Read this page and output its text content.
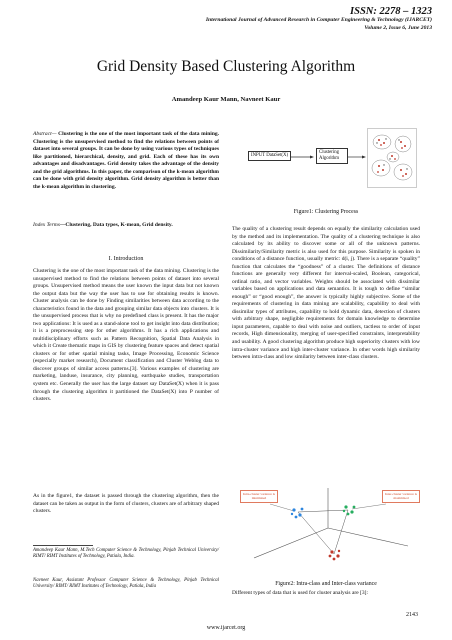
ISSN: 2278 – 1323
International Journal of Advanced Research in Computer Engineering & Technology (IJARCET)
Volume 2, Issue 6, June 2013
Grid Density Based Clustering Algorithm
Amandeep Kaur Mann, Navneet Kaur
Abstract— Clustering is the one of the most important task of the data mining. Clustering is the unsupervised method to find the relations between points of dataset into several groups. It can be done by using various types of techniques like partitioned, hierarchical, density, and grid. Each of these has its own advantages and disadvantages. Grid density takes the advantage of the density and the grid algorithms. In this paper, the comparison of the k-mean algorithm can be done with grid density algorithm. Grid density algorithm is better than the k-mean algorithm in clustering.
Index Terms—Clustering, Data types, K-mean, Grid density.
I. Introduction
Clustering is the one of the most important task of the data mining. Clustering is the unsupervised method to find the relations between points of dataset into several groups. Unsupervised method means the user known the input data but not known the output data but the way the user has to use for obtaining results is known. Cluster analysis can be done by Finding similarities between data according to the characteristics found in the data and grouping similar data objects into clusters. It is the unsupervised process that is why no predefined class is present. It has the major two applications: It is used as a stand-alone tool to get insight into data distribution; it is a preprocessing step for other algorithms. It has a rich applications and multidisciplinary efforts such as Pattern Recognition, Spatial Data Analysis in which it Create thematic maps in GIS by clustering feature spaces and detect spatial clusters or for other spatial mining tasks, Image Processing, Economic Science (especially market research), Document classification and Cluster Weblog data to discover groups of similar access patterns.[3]. Various examples of clustering are marketing, landuse, insurance, city planning, earthquake studies, transportation system etc. Generally the user has the large dataset say DataSet(X) when it is pass through the clustering algorithm it partitioned the DataSet(X) into P number of clusters.
As in the figure1, the dataset is passed through the clustering algorithm, then the dataset can be taken as output in the form of clusters, clusters are of arbitrary shaped clusters.
Amandeep Kaur Mann, M.Tech Computer Science & Technology, Pinjab Technical University/ RIMT/ RIMT Institutes of Technology, Patiala, India.
Navneet Kaur, Assistant Professor Computer Science & Technology, Pinjab Technical University/ RIMT/ RIMT Institutes of Technology, Patiala, India
INPUT DataSet(X)
Clustering Algorithm
Figure1: Clustering Process
The quality of a clustering result depends on equally the similarity calculation used by the method and its implementation. The quality of a clustering technique is also calculated by its ability to discover some or all of the unknown patterns. Dissimilarity/Similarity metric is also used for this purpose. Similarity is spoken in conditions of a distance function, usually metric: d(i, j). There is a separate “quality” function that calculates the “goodness” of a cluster. The definitions of distance functions are generally very different for interval-scaled, Boolean, categorical, ordinal ratio, and vector variables. Weights should be associated with dissimilar variables based on applications and data semantics. It is tough to define “similar enough” or “good enough”, the answer is typically highly subjective. Some of the requirements of clustering in data mining are scalability, capability to deal with dissimilar types of attributes, capability to hold dynamic data, detection of clusters with arbitrary shape, negligible requirements for domain knowledge to determine input parameters, capable to deal with noise and outliers, tactless to order of input records, High dimensionality, merging of user-specified constraints, interpretability and usability. A good clustering algorithm produce high superiority clusters with low intra-cluster variance and high inter-cluster variance. In other words high similarity between intra-class and low similarity between inter-class clusters.
Intra-cluster variance is minimized
Inter-cluster variance is maximized
Figure2: Intra-class and Inter-class variance
Different types of data that is used for cluster analysis are [3]:
2143
www.ijarcet.org
